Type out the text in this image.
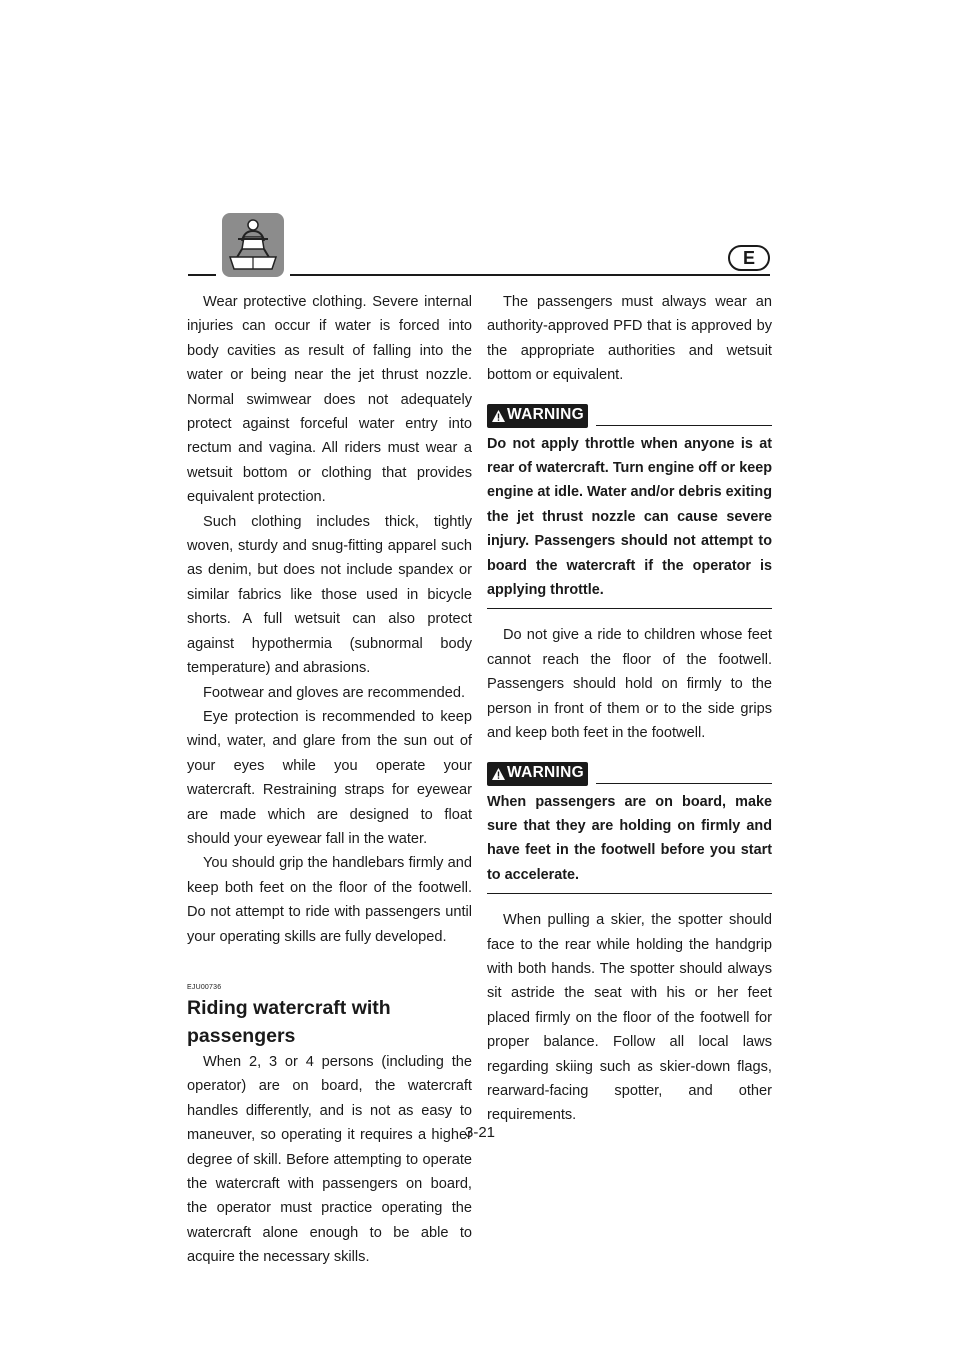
E

Wear protective clothing. Severe internal injuries can occur if water is forced into body cavities as result of falling into the water or being near the jet thrust nozzle. Normal swimwear does not adequately protect against forceful water entry into rectum and vagina. All riders must wear a wetsuit bottom or clothing that provides equivalent protection.

Such clothing includes thick, tightly woven, sturdy and snug-fitting apparel such as denim, but does not include spandex or similar fabrics like those used in bicycle shorts. A full wetsuit can also protect against hypothermia (subnormal body temperature) and abrasions.

Footwear and gloves are recommended.

Eye protection is recommended to keep wind, water, and glare from the sun out of your eyes while you operate your watercraft. Restraining straps for eyewear are made which are designed to float should your eyewear fall in the water.

You should grip the handlebars firmly and keep both feet on the floor of the footwell. Do not attempt to ride with passengers until your operating skills are fully developed.

EJU00736
Riding watercraft with passengers

When 2, 3 or 4 persons (including the operator) are on board, the watercraft handles differently, and is not as easy to maneuver, so operating it requires a higher degree of skill. Before attempting to operate the watercraft with passengers on board, the operator must practice operating the watercraft alone enough to be able to acquire the necessary skills.

The passengers must always wear an authority-approved PFD that is approved by the appropriate authorities and wetsuit bottom or equivalent.

WARNING
Do not apply throttle when anyone is at rear of watercraft. Turn engine off or keep engine at idle. Water and/or debris exiting the jet thrust nozzle can cause severe injury. Passengers should not attempt to board the watercraft if the operator is applying throttle.

Do not give a ride to children whose feet cannot reach the floor of the footwell. Passengers should hold on firmly to the person in front of them or to the side grips and keep both feet in the footwell.

WARNING
When passengers are on board, make sure that they are holding on firmly and have feet in the footwell before you start to accelerate.

When pulling a skier, the spotter should face to the rear while holding the handgrip with both hands. The spotter should always sit astride the seat with his or her feet placed firmly on the floor of the footwell for proper balance. Follow all local laws regarding skiing such as skier-down flags, rearward-facing spotter, and other requirements.

3-21
